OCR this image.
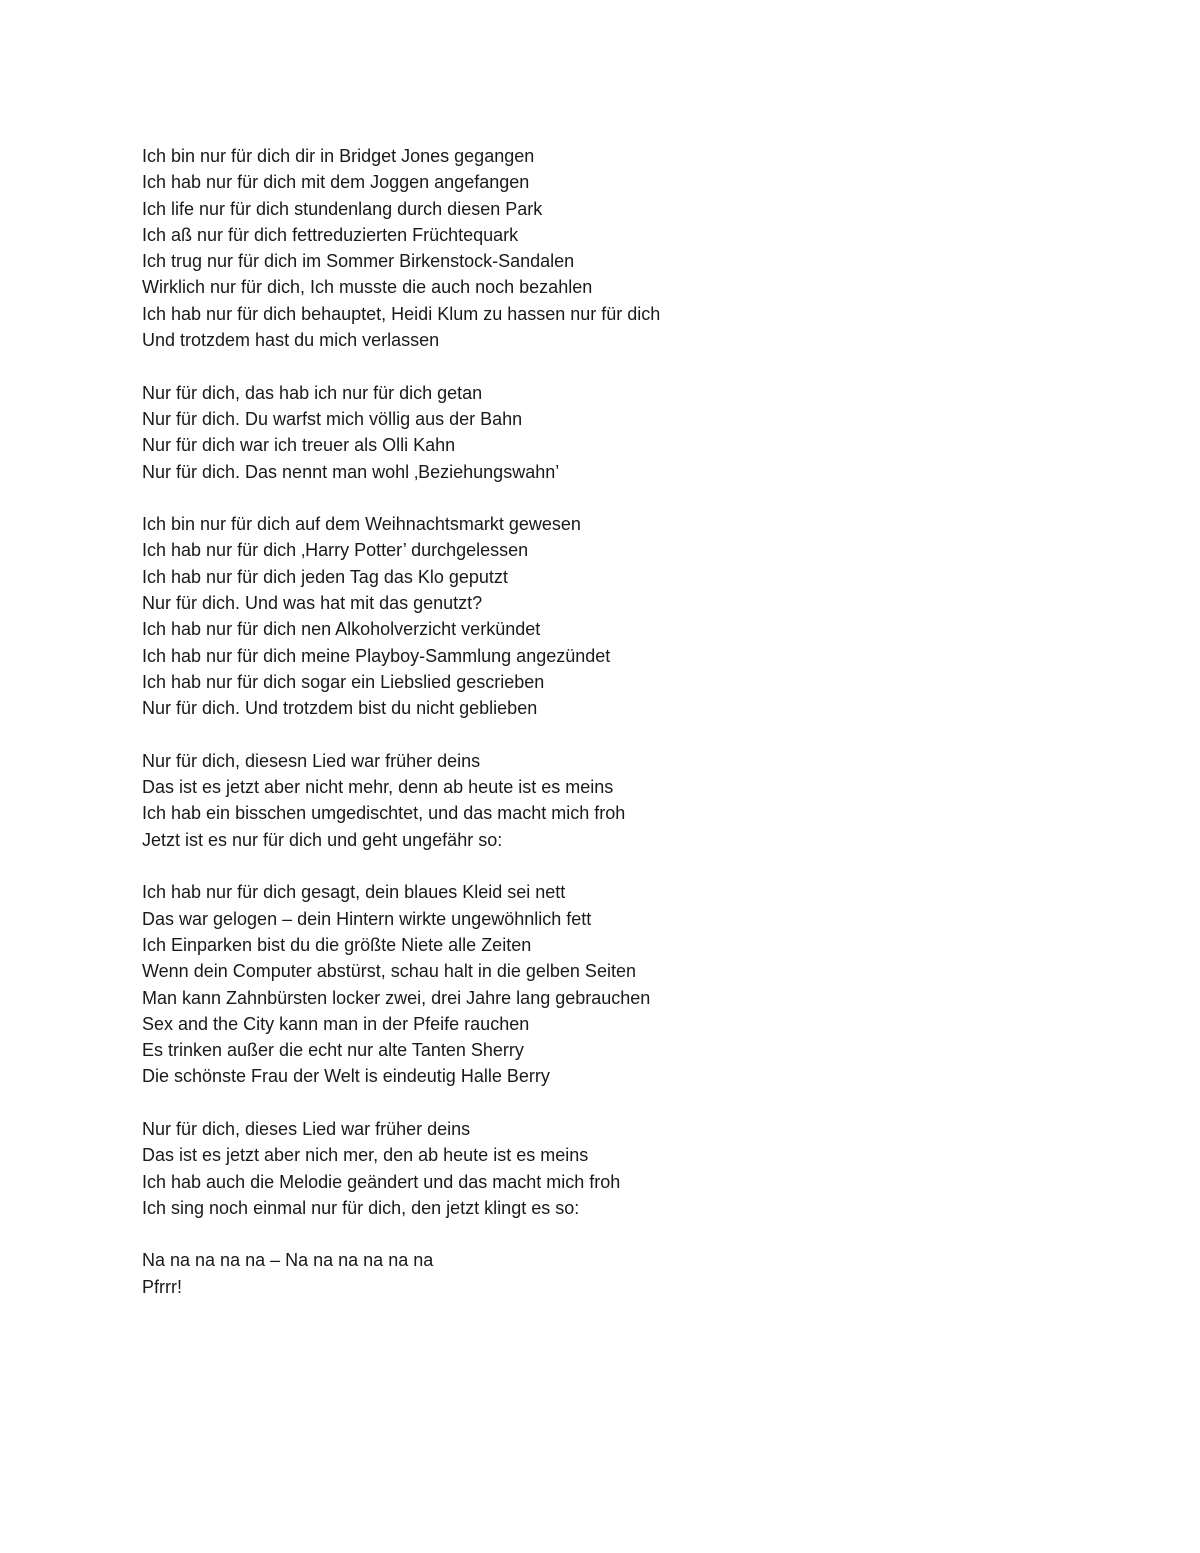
Ich bin nur für dich dir in Bridget Jones gegangen
Ich hab nur für dich mit dem Joggen angefangen
Ich life nur für dich stundenlang durch diesen Park
Ich aß nur für dich fettreduzierten Früchtequark
Ich trug nur für dich im Sommer Birkenstock-Sandalen
Wirklich nur für dich, Ich musste die auch noch bezahlen
Ich hab nur für dich behauptet, Heidi Klum zu hassen nur für dich
Und trotzdem hast du mich verlassen
Nur für dich, das hab ich nur für dich getan
Nur für dich. Du warfst mich völlig aus der Bahn
Nur für dich war ich treuer als Olli Kahn
Nur für dich. Das nennt man wohl ‚Beziehungswahn’
Ich bin nur für dich auf dem Weihnachtsmarkt gewesen
Ich hab nur für dich ‚Harry Potter’ durchgelessen
Ich hab nur für dich jeden Tag das Klo geputzt
Nur für dich. Und was hat mit das genutzt?
Ich hab nur für dich nen Alkoholverzicht verkündet
Ich hab nur für dich meine Playboy-Sammlung angezündet
Ich hab nur für dich sogar ein Liebslied gescrieben
Nur für dich. Und trotzdem bist du nicht geblieben
Nur für dich, diesesn Lied war früher deins
Das ist es jetzt aber nicht mehr, denn ab heute ist es meins
Ich hab ein bisschen umgedischtet, und das macht mich froh
Jetzt ist es nur für dich und geht ungefähr so:
Ich hab nur für dich gesagt, dein blaues Kleid sei nett
Das war gelogen – dein Hintern wirkte ungewöhnlich fett
Ich Einparken bist du die größte Niete alle Zeiten
Wenn dein Computer abstürst, schau halt in die gelben Seiten
Man kann Zahnbürsten locker zwei, drei Jahre lang gebrauchen
Sex and the City kann man in der Pfeife rauchen
Es trinken außer die echt nur alte Tanten Sherry
Die schönste Frau der Welt is eindeutig Halle Berry
Nur für dich, dieses Lied war früher deins
Das ist es jetzt aber nich mer, den ab heute ist es meins
Ich hab auch die Melodie geändert und das macht mich froh
Ich sing noch einmal nur für dich, den jetzt klingt es so:
Na na na na na – Na na na na na na
Pfrrr!
